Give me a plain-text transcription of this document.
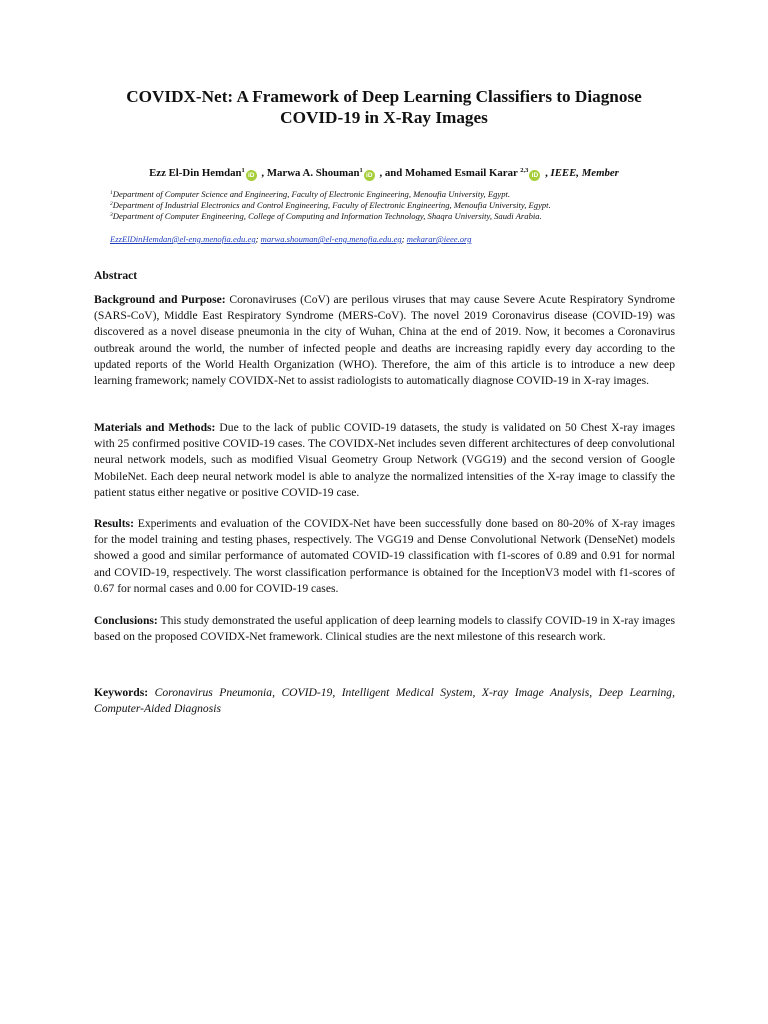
COVIDX-Net: A Framework of Deep Learning Classifiers to Diagnose
COVID-19 in X-Ray Images
Ezz El-Din Hemdan$^1$iD , Marwa A. Shouman$^1$iD , and Mohamed Esmail Karar $^{2,3}$iD , IEEE, Member
$^1$Department of Computer Science and Engineering, Faculty of Electronic Engineering, Menoufia University, Egypt.
$^2$Department of Industrial Electronics and Control Engineering, Faculty of Electronic Engineering, Menoufia University, Egypt.
$^3$Department of Computer Engineering, College of Computing and Information Technology, Shaqra University, Saudi Arabia.
EzzElDinHemdan@el-eng.menofia.edu.eg; marwa.shouman@el-eng.menofia.edu.eg; mekarar@ieee.org
Abstract
Background and Purpose: Coronaviruses (CoV) are perilous viruses that may cause Severe Acute Respiratory Syndrome (SARS-CoV), Middle East Respiratory Syndrome (MERS-CoV). The novel 2019 Coronavirus disease (COVID-19) was discovered as a novel disease pneumonia in the city of Wuhan, China at the end of 2019. Now, it becomes a Coronavirus outbreak around the world, the number of infected people and deaths are increasing rapidly every day according to the updated reports of the World Health Organization (WHO). Therefore, the aim of this article is to introduce a new deep learning framework; namely COVIDX-Net to assist radiologists to automatically diagnose COVID-19 in X-ray images.
Materials and Methods: Due to the lack of public COVID-19 datasets, the study is validated on 50 Chest X-ray images with 25 confirmed positive COVID-19 cases. The COVIDX-Net includes seven different architectures of deep convolutional neural network models, such as modified Visual Geometry Group Network (VGG19) and the second version of Google MobileNet. Each deep neural network model is able to analyze the normalized intensities of the X-ray image to classify the patient status either negative or positive COVID-19 case.
Results: Experiments and evaluation of the COVIDX-Net have been successfully done based on 80-20% of X-ray images for the model training and testing phases, respectively. The VGG19 and Dense Convolutional Network (DenseNet) models showed a good and similar performance of automated COVID-19 classification with f1-scores of 0.89 and 0.91 for normal and COVID-19, respectively. The worst classification performance is obtained for the InceptionV3 model with f1-scores of 0.67 for normal cases and 0.00 for COVID-19 cases.
Conclusions: This study demonstrated the useful application of deep learning models to classify COVID-19 in X-ray images based on the proposed COVIDX-Net framework. Clinical studies are the next milestone of this research work.
Keywords: Coronavirus Pneumonia, COVID-19, Intelligent Medical System, X-ray Image Analysis, Deep Learning, Computer-Aided Diagnosis
